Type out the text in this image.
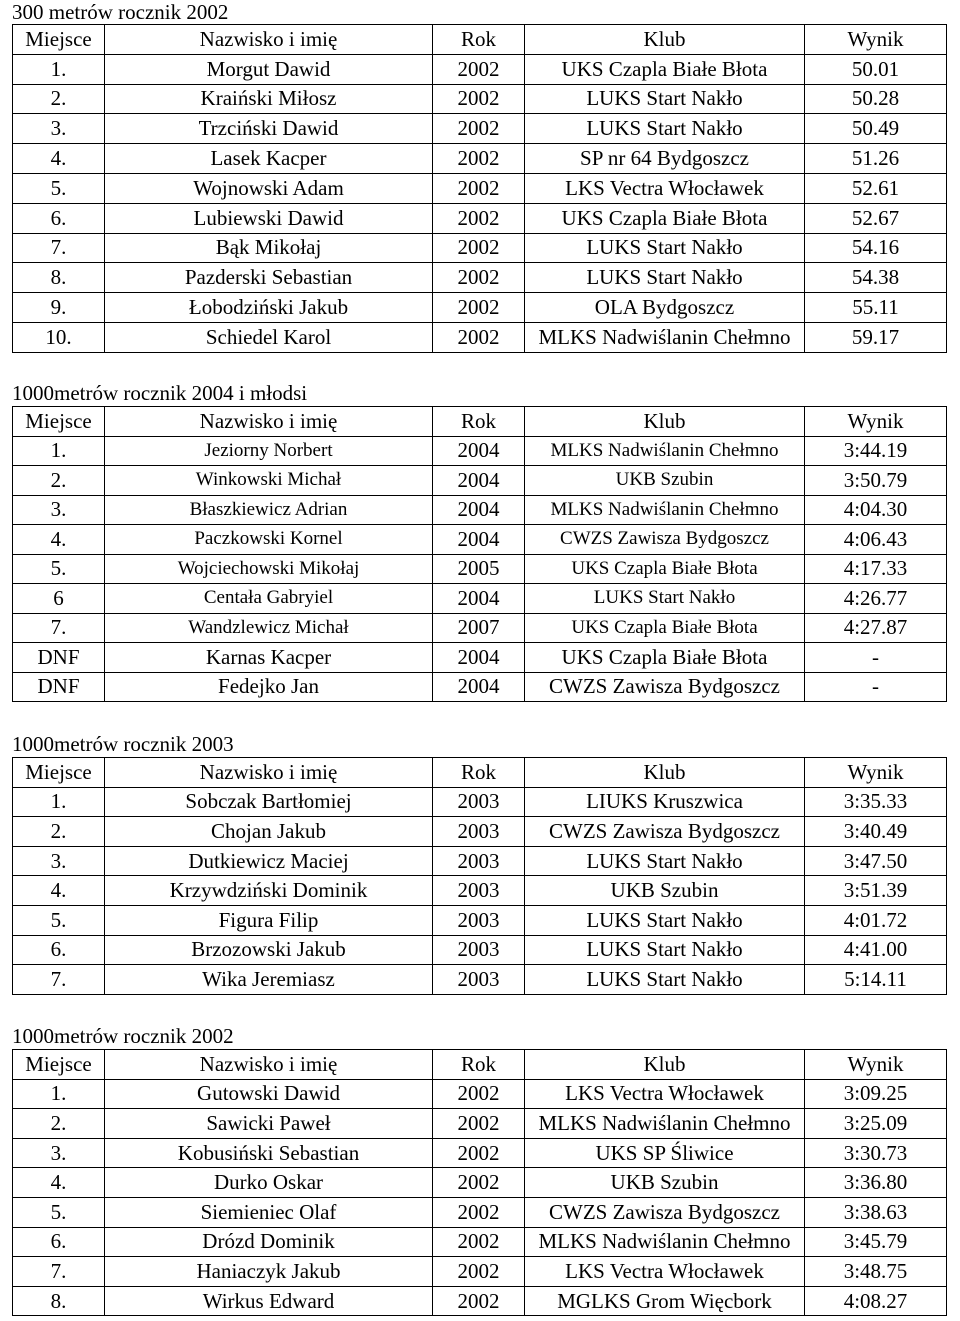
300 metrów rocznik 2002
Miejsce	Nazwisko i imię	Rok	Klub	Wynik
1.	Morgut Dawid	2002	UKS Czapla Białe Błota	50.01
2.	Kraiński Miłosz	2002	LUKS Start Nakło	50.28
3.	Trzciński Dawid	2002	LUKS Start Nakło	50.49
4.	Lasek Kacper	2002	SP nr 64 Bydgoszcz	51.26
5.	Wojnowski Adam	2002	LKS Vectra Włocławek	52.61
6.	Lubiewski Dawid	2002	UKS Czapla Białe Błota	52.67
7.	Bąk Mikołaj	2002	LUKS Start Nakło	54.16
8.	Pazderski Sebastian	2002	LUKS Start Nakło	54.38
9.	Łobodziński Jakub	2002	OLA Bydgoszcz	55.11
10.	Schiedel Karol	2002	MLKS Nadwiślanin Chełmno	59.17
1000metrów rocznik 2004 i młodsi
Miejsce	Nazwisko i imię	Rok	Klub	Wynik
1.	Jeziorny Norbert	2004	MLKS Nadwiślanin Chełmno	3:44.19
2.	Winkowski Michał	2004	UKB Szubin	3:50.79
3.	Błaszkiewicz Adrian	2004	MLKS Nadwiślanin Chełmno	4:04.30
4.	Paczkowski Kornel	2004	CWZS Zawisza Bydgoszcz	4:06.43
5.	Wojciechowski Mikołaj	2005	UKS Czapla Białe Błota	4:17.33
6	Centała Gabryiel	2004	LUKS Start Nakło	4:26.77
7.	Wandzlewicz Michał	2007	UKS Czapla Białe Błota	4:27.87
DNF	Karnas Kacper	2004	UKS Czapla Białe Błota	-
DNF	Fedejko Jan	2004	CWZS Zawisza Bydgoszcz	-
1000metrów rocznik 2003
Miejsce	Nazwisko i imię	Rok	Klub	Wynik
1.	Sobczak Bartłomiej	2003	LIUKS Kruszwica	3:35.33
2.	Chojan Jakub	2003	CWZS Zawisza Bydgoszcz	3:40.49
3.	Dutkiewicz Maciej	2003	LUKS Start Nakło	3:47.50
4.	Krzywdziński Dominik	2003	UKB Szubin	3:51.39
5.	Figura Filip	2003	LUKS Start Nakło	4:01.72
6.	Brzozowski Jakub	2003	LUKS Start Nakło	4:41.00
7.	Wika Jeremiasz	2003	LUKS Start Nakło	5:14.11
1000metrów rocznik 2002
Miejsce	Nazwisko i imię	Rok	Klub	Wynik
1.	Gutowski Dawid	2002	LKS Vectra Włocławek	3:09.25
2.	Sawicki Paweł	2002	MLKS Nadwiślanin Chełmno	3:25.09
3.	Kobusiński Sebastian	2002	UKS SP Śliwice	3:30.73
4.	Durko Oskar	2002	UKB Szubin	3:36.80
5.	Siemieniec Olaf	2002	CWZS Zawisza Bydgoszcz	3:38.63
6.	Drózd Dominik	2002	MLKS Nadwiślanin Chełmno	3:45.79
7.	Haniaczyk Jakub	2002	LKS Vectra Włocławek	3:48.75
8.	Wirkus Edward	2002	MGLKS Grom Więcbork	4:08.27
